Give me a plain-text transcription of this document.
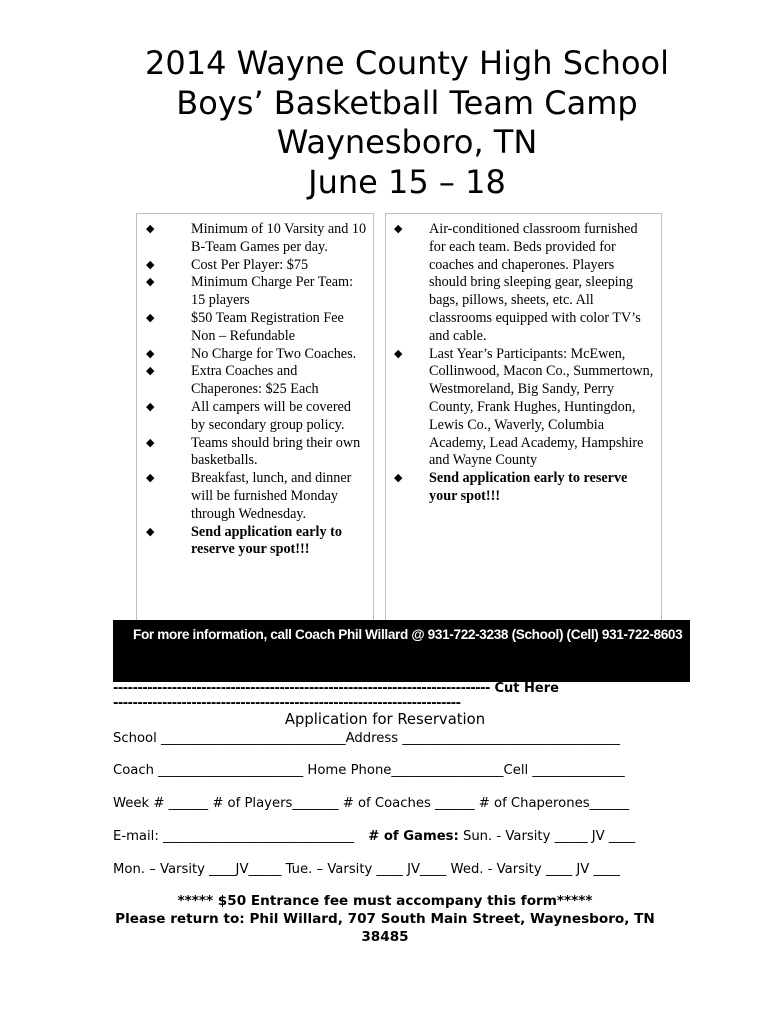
2014 Wayne County High School
Boys’ Basketball Team Camp
Waynesboro, TN
June 15 – 18
◆	Minimum of 10 Varsity and 10 B-Team Games per day.
◆	Cost Per Player: $75
◆	Minimum Charge Per Team: 15 players
◆	$50 Team Registration Fee Non – Refundable
◆	No Charge for Two Coaches.
◆	Extra Coaches and Chaperones: $25 Each
◆	All campers will be covered by secondary group policy.
◆	Teams should bring their own basketballs.
◆	Breakfast, lunch, and dinner will be furnished Monday through Wednesday.
◆	Send application early to reserve your spot!!!
◆ Air-conditioned classroom furnished for each team. Beds provided for coaches and chaperones. Players should bring sleeping gear, sleeping bags, pillows, sheets, etc. All classrooms equipped with color TV’s and cable.
◆ Last Year’s Participants: McEwen, Collinwood, Macon Co., Summertown, Westmoreland, Big Sandy, Perry County, Frank Hughes, Huntingdon, Lewis Co., Waverly, Columbia Academy, Lead Academy, Hampshire and Wayne County
◆ Send application early to reserve your spot!!!
For more information, call Coach Phil Willard @ 931-722-3238 (School) (Cell) 931-722-8603
----------------------------------------------------------------------------- Cut Here
-----------------------------------------------------------------------
Application for Reservation
School ____________________________Address _________________________________
Coach ______________________ Home Phone_________________Cell ______________
Week # ______ # of Players_______ # of Coaches ______ # of Chaperones______
E-mail: _____________________________ # of Games: Sun. - Varsity _____ JV ____
Mon. – Varsity ____JV_____ Tue. – Varsity ____ JV____ Wed. - Varsity ____ JV ____
***** $50 Entrance fee must accompany this form*****
Please return to: Phil Willard, 707 South Main Street, Waynesboro, TN
38485
